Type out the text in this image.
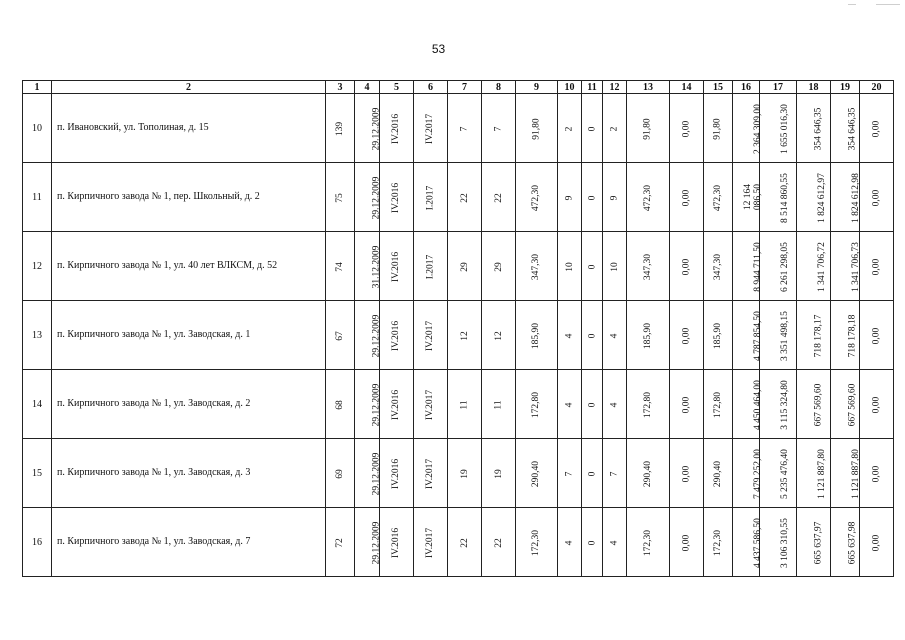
53
1	2	3	4	5	6	7	8	9	10	11	12	13	14	15	16	17	18	19	20
10	п. Ивановский, ул. Тополиная, д. 15	139	29.12.2009	IV.2016	IV.2017	7	7	91,80	2	0	2	91,80	0,00	91,80	2 364 309,00	1 655 016,30	354 646,35	354 646,35	0,00
11	п. Кирпичного завода № 1, пер. Школьный, д. 2	75	29.12.2009	IV.2016	I.2017	22	22	472,30	9	0	9	472,30	0,00	472,30	12 164 086,50	8 514 860,55	1 824 612,97	1 824 612,98	0,00
12	п. Кирпичного завода № 1, ул. 40 лет ВЛКСМ, д. 52	74	31.12.2009	IV.2016	I.2017	29	29	347,30	10	0	10	347,30	0,00	347,30	8 944 711,50	6 261 298,05	1 341 706,72	1 341 706,73	0,00
13	п. Кирпичного завода № 1, ул. Заводская, д. 1	67	29.12.2009	IV.2016	IV.2017	12	12	185,90	4	0	4	185,90	0,00	185,90	4 787 854,50	3 351 498,15	718 178,17	718 178,18	0,00
14	п. Кирпичного завода № 1, ул. Заводская, д. 2	68	29.12.2009	IV.2016	IV.2017	11	11	172,80	4	0	4	172,80	0,00	172,80	4 450 464,00	3 115 324,80	667 569,60	667 569,60	0,00
15	п. Кирпичного завода № 1, ул. Заводская, д. 3	69	29.12.2009	IV.2016	IV.2017	19	19	290,40	7	0	7	290,40	0,00	290,40	7 479 252,00	5 235 476,40	1 121 887,80	1 121 887,80	0,00
16	п. Кирпичного завода № 1, ул. Заводская, д. 7	72	29.12.2009	IV.2016	IV.2017	22	22	172,30	4	0	4	172,30	0,00	172,30	4 437 586,50	3 106 310,55	665 637,97	665 637,98	0,00
